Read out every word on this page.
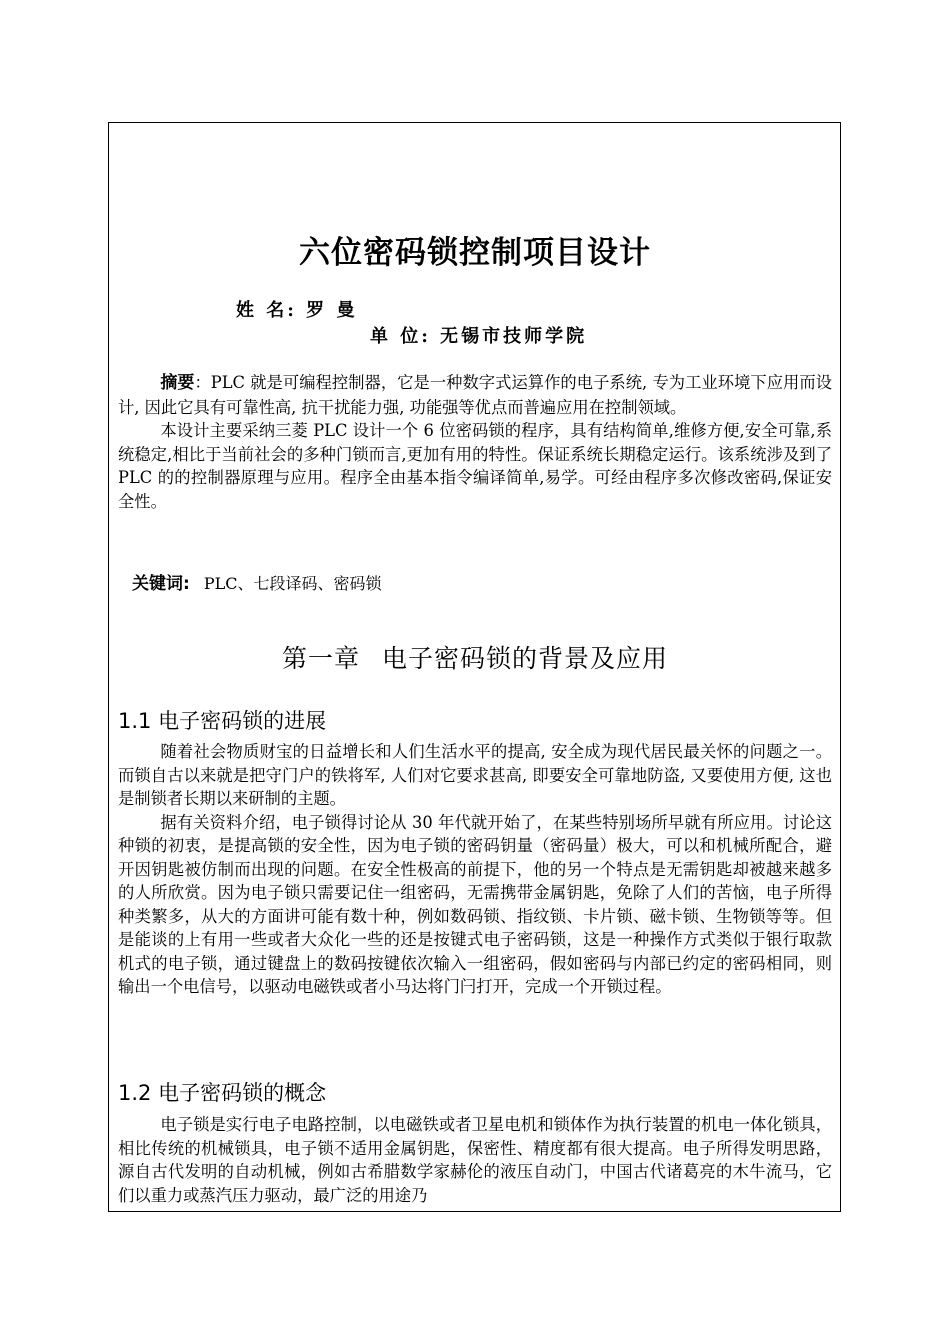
六位密码锁控制项目设计
姓 名: 罗 曼
单 位: 无锡市技师学院

摘要：PLC 就是可编程控制器，它是一种数字式运算作的电子系统, 专为工业环境下应用而设计, 因此它具有可靠性高, 抗干扰能力强, 功能强等优点而普遍应用在控制领域。

本设计主要采纳三菱 PLC 设计一个 6 位密码锁的程序，具有结构简单,维修方便,安全可靠,系统稳定,相比于当前社会的多种门锁而言,更加有用的特性。保证系统长期稳定运行。该系统涉及到了 PLC 的的控制器原理与应用。程序全由基本指令编译简单,易学。可经由程序多次修改密码,保证安全性。

关键词: PLC、七段译码、密码锁
第一章 电子密码锁的背景及应用
1.1 电子密码锁的进展

随着社会物质财宝的日益增长和人们生活水平的提高, 安全成为现代居民最关怀的问题之一。而锁自古以来就是把守门户的铁将军, 人们对它要求甚高, 即要安全可靠地防盗, 又要使用方便, 这也是制锁者长期以来研制的主题。

据有关资料介绍，电子锁得讨论从 30 年代就开始了，在某些特别场所早就有所应用。讨论这种锁的初衷，是提高锁的安全性，因为电子锁的密码钥量（密码量）极大，可以和机械所配合，避开因钥匙被仿制而出现的问题。在安全性极高的前提下，他的另一个特点是无需钥匙却被越来越多的人所欣赏。因为电子锁只需要记住一组密码，无需携带金属钥匙，免除了人们的苦恼，电子所得种类繁多，从大的方面讲可能有数十种，例如数码锁、指纹锁、卡片锁、磁卡锁、生物锁等等。但是能谈的上有用一些或者大众化一些的还是按键式电子密码锁，这是一种操作方式类似于银行取款机式的电子锁，通过键盘上的数码按键依次输入一组密码，假如密码与内部已约定的密码相同，则输出一个电信号，以驱动电磁铁或者小马达将门闩打开，完成一个开锁过程。

1.2 电子密码锁的概念

电子锁是实行电子电路控制，以电磁铁或者卫星电机和锁体作为执行装置的机电一体化锁具，相比传统的机械锁具，电子锁不适用金属钥匙，保密性、精度都有很大提高。电子所得发明思路，源自古代发明的自动机械，例如古希腊数学家赫伦的液压自动门，中国古代诸葛亮的木牛流马，它们以重力或蒸汽压力驱动，最广泛的用途乃
